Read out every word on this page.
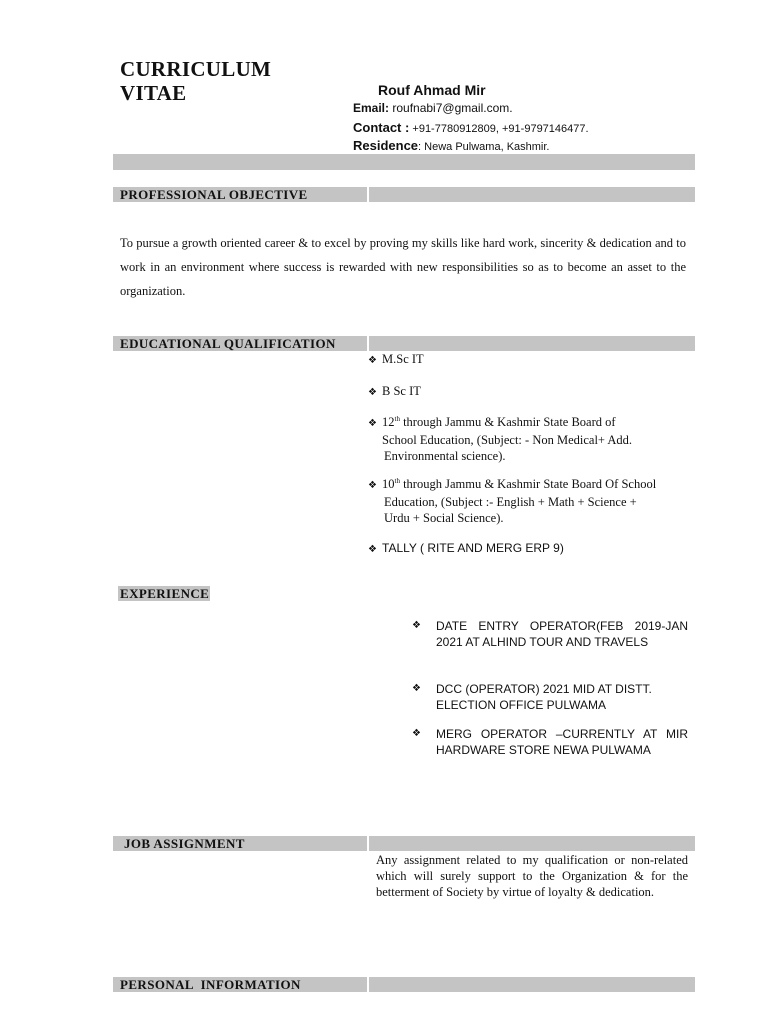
CURRICULUM
VITAE	Rouf Ahmad Mir
Email: roufnabi7@gmail.com.
Contact : +91-7780912809, +91-9797146477.
Residence: Newa Pulwama, Kashmir.
PROFESSIONAL OBJECTIVE
To pursue a growth oriented career & to excel by proving my skills like hard work, sincerity & dedication and to work in an environment where success is rewarded with new responsibilities so as to become an asset to the organization.
EDUCATIONAL QUALIFICATION
❖ M.Sc IT
❖ B Sc IT
❖ 12th through Jammu & Kashmir State Board of
School Education, (Subject: - Non Medical+ Add.
Environmental science).
❖ 10th through Jammu & Kashmir State Board Of School
Education, (Subject :- English + Math + Science +
Urdu + Social Science).
❖ TALLY ( RITE AND MERG ERP 9)
EXPERIENCE
❖ DATE ENTRY OPERATOR(FEB 2019-JAN 2021 AT ALHIND TOUR AND TRAVELS
❖ DCC (OPERATOR) 2021 MID AT DISTT. ELECTION OFFICE PULWAMA
❖ MERG OPERATOR –CURRENTLY AT MIR HARDWARE STORE NEWA PULWAMA
JOB ASSIGNMENT
Any assignment related to my qualification or non-related which will surely support to the Organization & for the betterment of Society by virtue of loyalty & dedication.
PERSONAL  INFORMATION
